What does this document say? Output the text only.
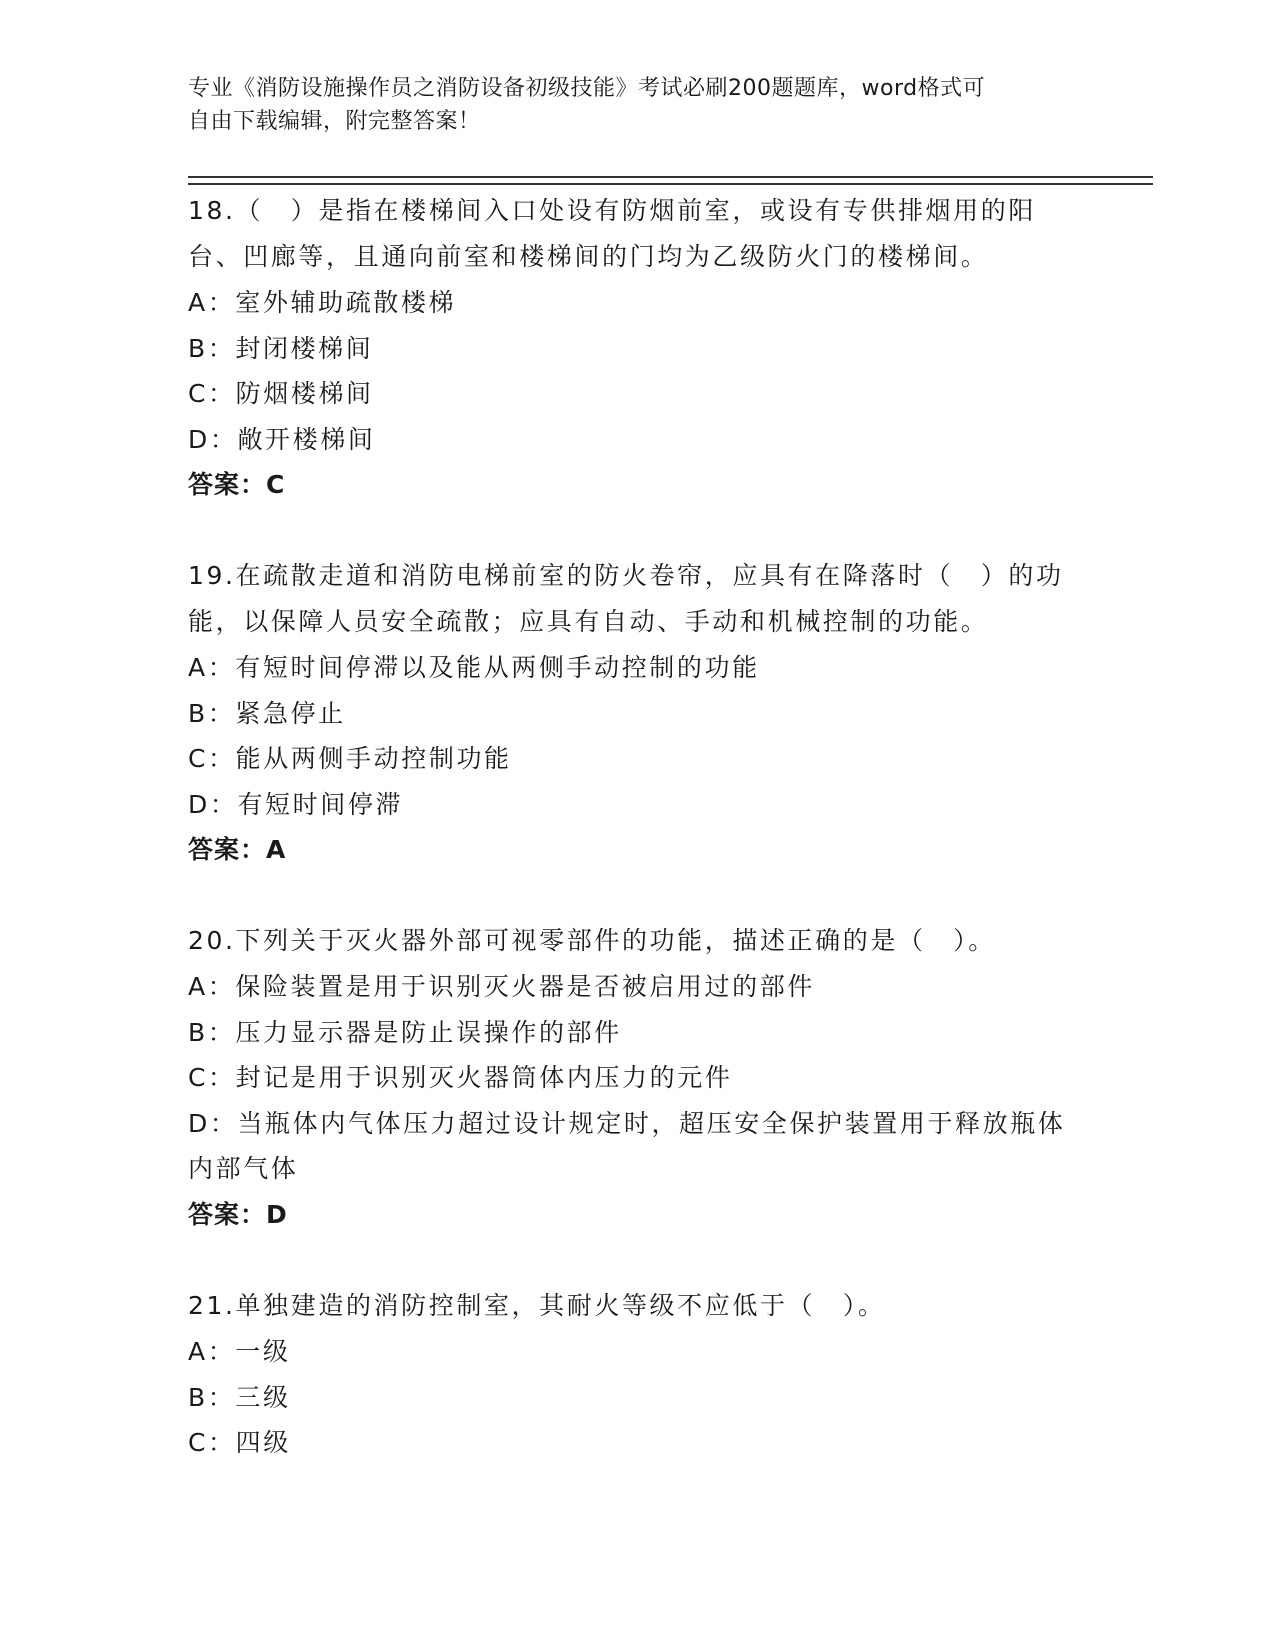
专业《消防设施操作员之消防设备初级技能》考试必刷200题题库，word格式可
自由下载编辑，附完整答案！

18.（　）是指在楼梯间入口处设有防烟前室，或设有专供排烟用的阳台、凹廊等，且通向前室和楼梯间的门均为乙级防火门的楼梯间。

A：室外辅助疏散楼梯
B：封闭楼梯间
C：防烟楼梯间
D：敞开楼梯间
答案：C

19.在疏散走道和消防电梯前室的防火卷帘，应具有在降落时（　）的功能，以保障人员安全疏散；应具有自动、手动和机械控制的功能。

A：有短时间停滞以及能从两侧手动控制的功能
B：紧急停止
C：能从两侧手动控制功能
D：有短时间停滞
答案：A

20.下列关于灭火器外部可视零部件的功能，描述正确的是（　）。

A：保险装置是用于识别灭火器是否被启用过的部件
B：压力显示器是防止误操作的部件
C：封记是用于识别灭火器筒体内压力的元件
D：当瓶体内气体压力超过设计规定时，超压安全保护装置用于释放瓶体内部气体
答案：D

21.单独建造的消防控制室，其耐火等级不应低于（　）。

A：一级
B：三级
C：四级
